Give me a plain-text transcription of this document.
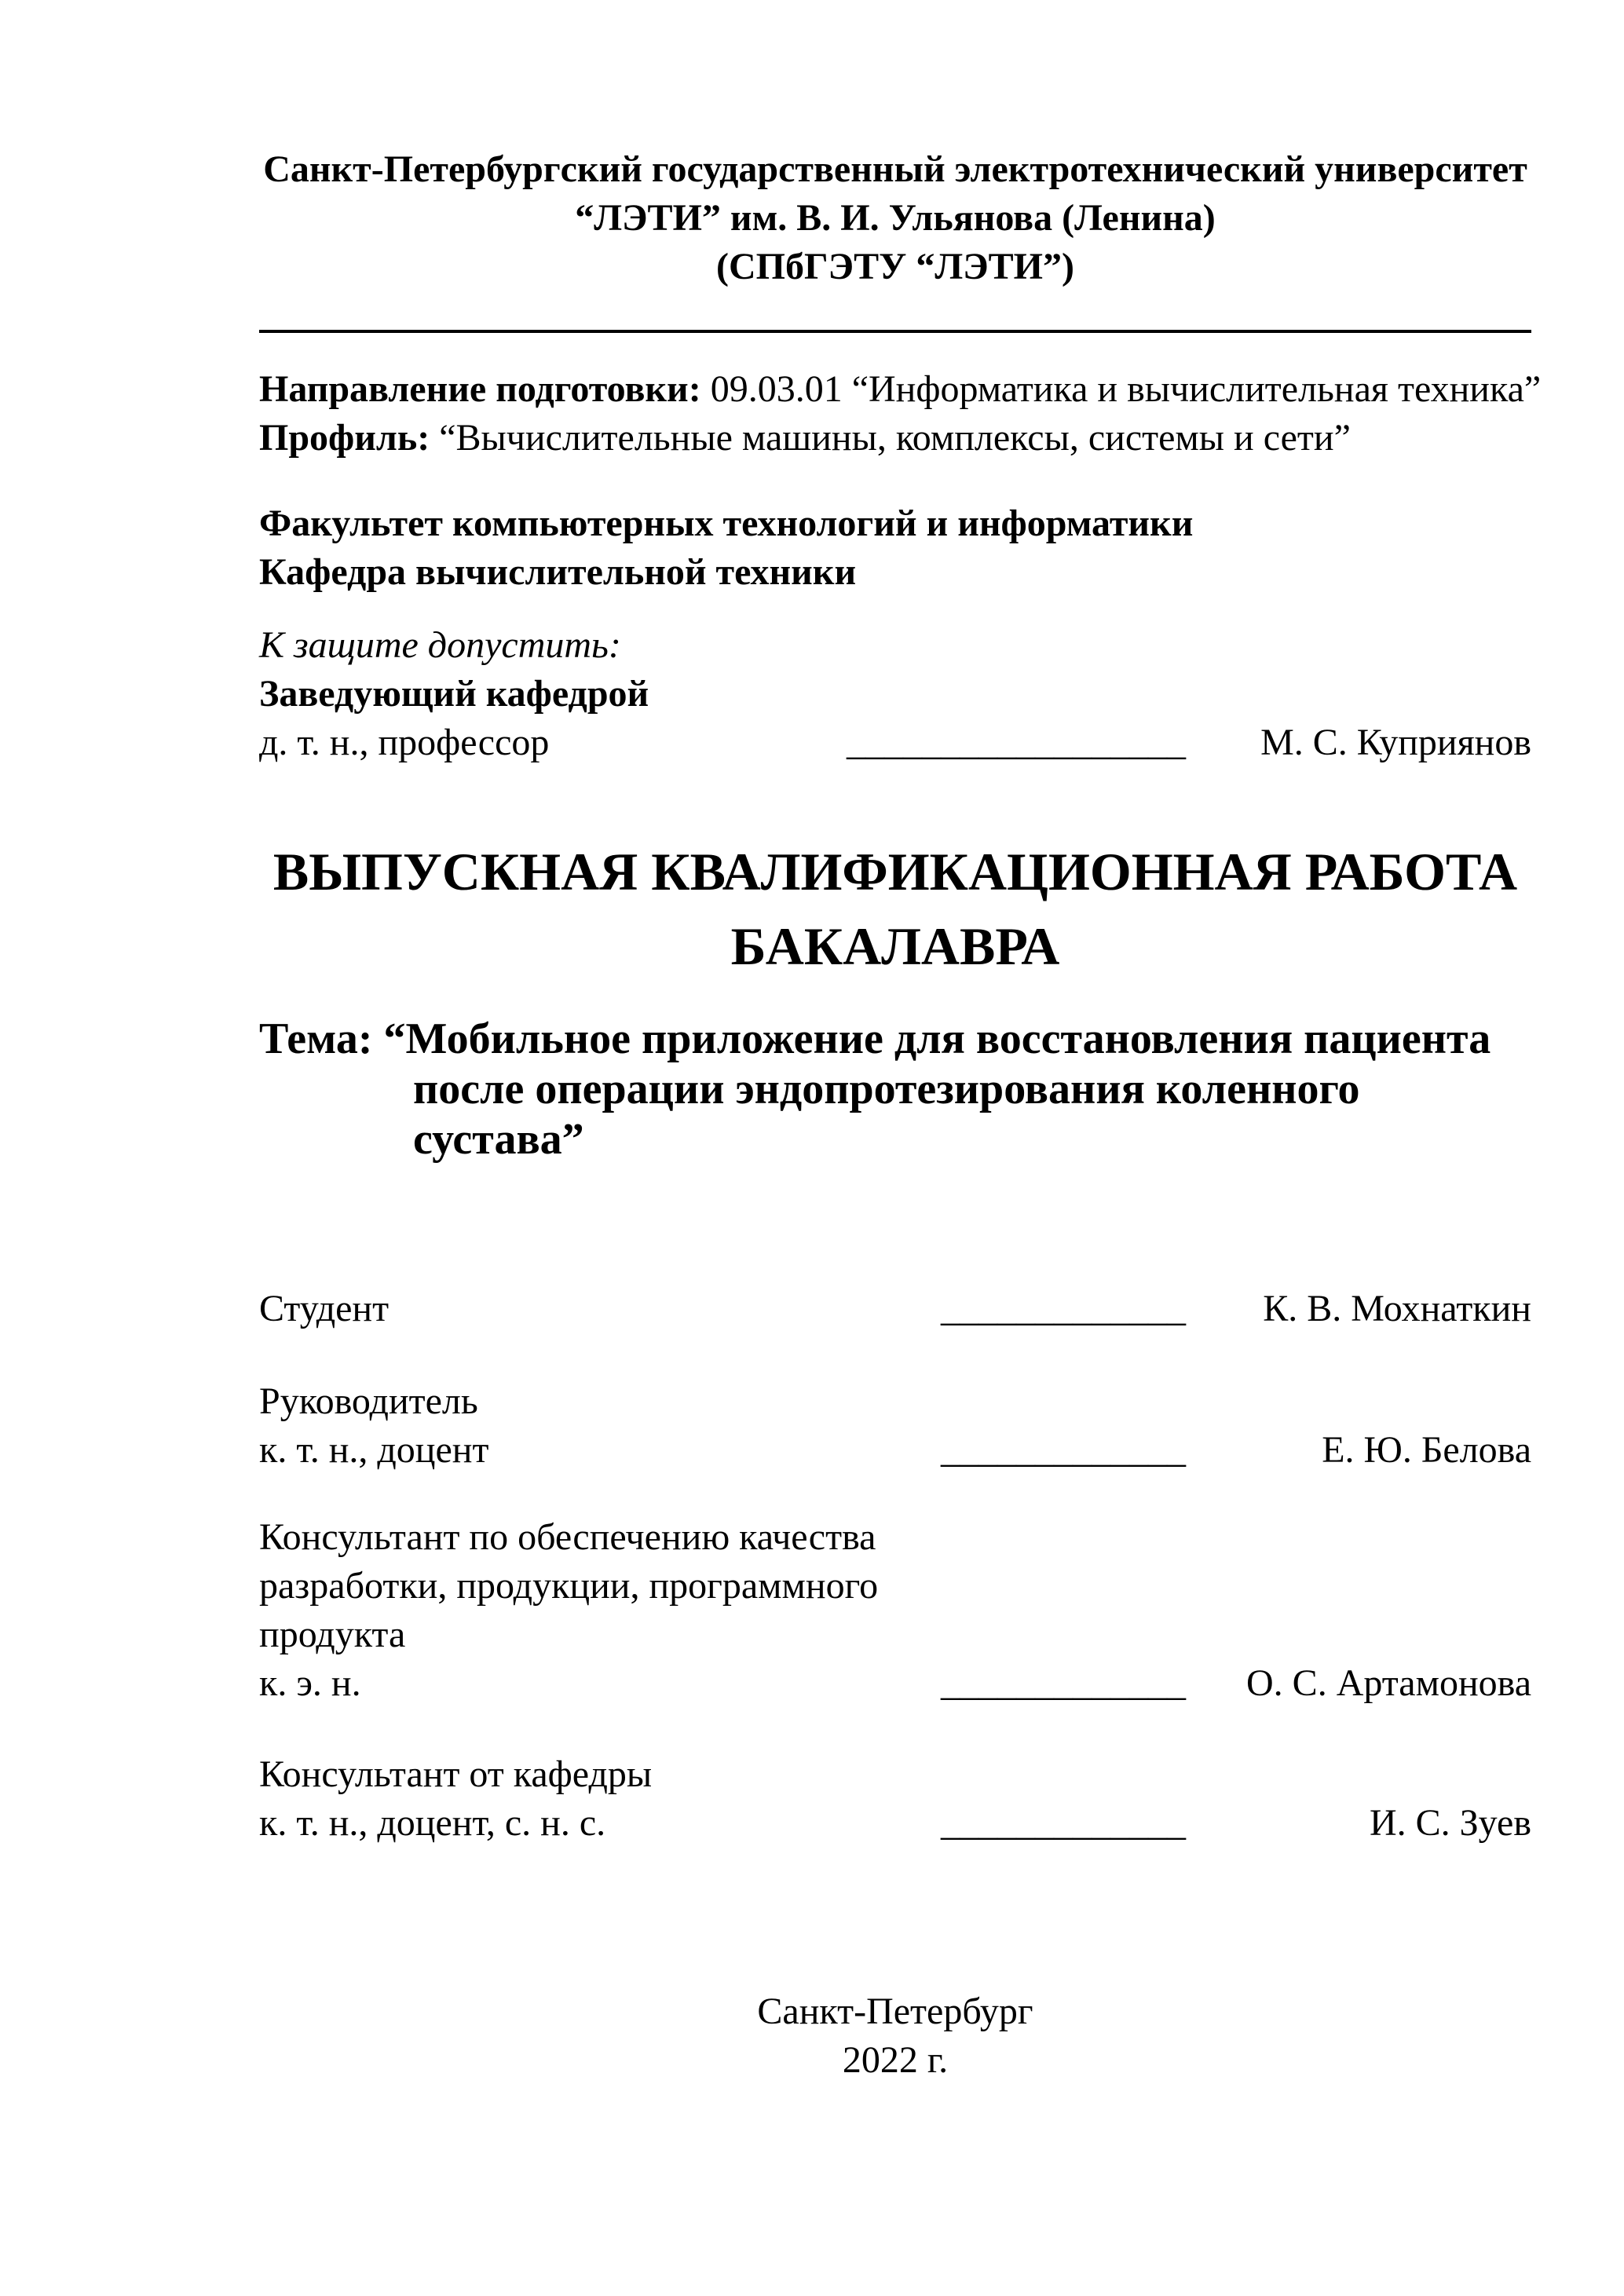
Санкт-Петербургский государственный электротехнический университет
“ЛЭТИ” им. В. И. Ульянова (Ленина)
(СПбГЭТУ “ЛЭТИ”)
Направление подготовки: 09.03.01 “Информатика и вычислительная техника”
Профиль: “Вычислительные машины, комплексы, системы и сети”
Факультет компьютерных технологий и информатики
Кафедра вычислительной техники
К защите допустить:
Заведующий кафедрой
д. т. н., профессор	__________________ М. С. Куприянов
ВЫПУСКНАЯ КВАЛИФИКАЦИОННАЯ РАБОТА
БАКАЛАВРА
Тема: “Мобильное приложение для восстановления пациента
после операции эндопротезирования коленного
сустава”
Студент	_____________ К. В. Мохнаткин
Руководитель
к. т. н., доцент	_____________	Е. Ю. Белова
Консультант по обеспечению качества
разработки, продукции, программного
продукта
к. э. н.	_____________ О. С. Артамонова
Консультант от кафедры
к. т. н., доцент, с. н. с.	_____________	И. С. Зуев
Санкт-Петербург
2022 г.
